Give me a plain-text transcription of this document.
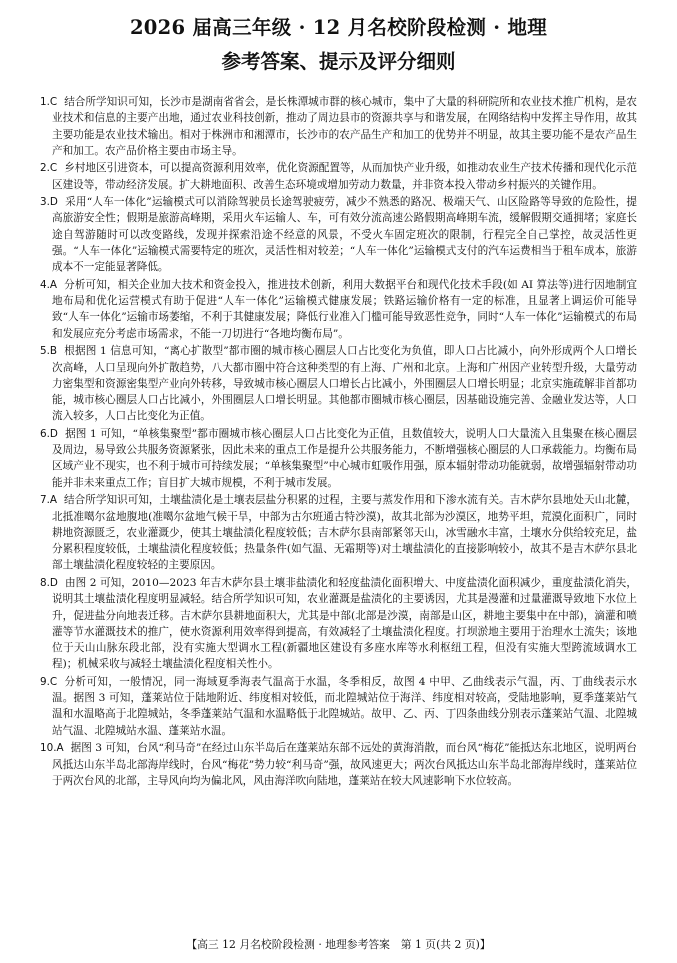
2026 届高三年级 · 12 月名校阶段检测 · 地理
参考答案、提示及评分细则
1.C 结合所学知识可知，长沙市是湖南省省会，是长株潭城市群的核心城市，集中了大量的科研院所和农业技术推广机构，是农业技术和信息的主要产出地，通过农业科技创新，推动了周边县市的资源共享与和谐发展，在网络结构中发挥主导作用，故其主要功能是农业技术输出。相对于株洲市和湘潭市，长沙市的农产品生产和加工的优势并不明显，故其主要功能不是农产品生产和加工。农产品价格主要由市场主导。
2.C 乡村地区引进资本，可以提高资源利用效率，优化资源配置等，从而加快产业升级，如推动农业生产技术传播和现代化示范区建设等，带动经济发展。扩大耕地面积、改善生态环境或增加劳动力数量，并非资本投入带动乡村振兴的关键作用。
3.D 采用“人车一体化”运输模式可以消除驾驶员长途驾驶疲劳，减少不熟悉的路况、极端天气、山区险路等导致的危险性，提高旅游安全性；假期是旅游高峰期，采用火车运输人、车，可有效分流高速公路假期高峰期车流，缓解假期交通拥堵；家庭长途自驾游随时可以改变路线，发现并探索沿途不经意的风景，不受火车固定班次的限制，行程完全自己掌控，故灵活性更强。“人车一体化”运输模式需要特定的班次，灵活性相对较差；“人车一体化”运输模式支付的汽车运费相当于租车成本，旅游成本不一定能显著降低。
4.A 分析可知，相关企业加大技术和资金投入，推进技术创新，利用大数据平台和现代化技术手段(如 AI 算法等)进行因地制宜地布局和优化运营模式有助于促进“人车一体化”运输模式健康发展；铁路运输价格有一定的标准，且显著上调运价可能导致“人车一体化”运输市场萎缩，不利于其健康发展；降低行业准入门槛可能导致恶性竞争，同时“人车一体化”运输模式的布局和发展应充分考虑市场需求，不能一刀切进行“各地均衡布局”。
5.B 根据图 1 信息可知，“离心扩散型”都市圈的城市核心圈层人口占比变化为负值，即人口占比减小，向外形成两个人口增长次高峰，人口呈现向外扩散趋势，八大都市圈中符合这种类型的有上海、广州和北京。上海和广州因产业转型升级，大量劳动力密集型和资源密集型产业向外转移，导致城市核心圈层人口增长占比减小，外围圈层人口增长明显；北京实施疏解非首都功能，城市核心圈层人口占比减小，外围圈层人口增长明显。其他都市圈城市核心圈层，因基础设施完善、金融业发达等，人口流入较多，人口占比变化为正值。
6.D 据图 1 可知，“单核集聚型”都市圈城市核心圈层人口占比变化为正值，且数值较大，说明人口大量流入且集聚在核心圈层及周边，易导致公共服务资源紧张，因此未来的重点工作是提升公共服务能力，不断增强核心圈层的人口承载能力。均衡布局区域产业不现实，也不利于城市可持续发展；“单核集聚型”中心城市虹吸作用强，原本辐射带动功能就弱，故增强辐射带动功能并非未来重点工作；盲目扩大城市规模，不利于城市发展。
7.A 结合所学知识可知，土壤盐渍化是土壤表层盐分积累的过程，主要与蒸发作用和下渗水流有关。吉木萨尔县地处天山北麓，北抵准噶尔盆地腹地(准噶尔盆地气候干旱，中部为古尔班通古特沙漠)，故其北部为沙漠区，地势平坦，荒漠化面积广，同时耕地资源匮乏，农业灌溉少，使其土壤盐渍化程度较低；吉木萨尔县南部紧邻天山，冰雪融水丰富，土壤水分供给较充足，盐分累积程度较低，土壤盐渍化程度较低；热量条件(如气温、无霜期等)对土壤盐渍化的直接影响较小，故其不是吉木萨尔县北部土壤盐渍化程度较轻的主要原因。
8.D 由图 2 可知，2010—2023 年吉木萨尔县土壤非盐渍化和轻度盐渍化面积增大、中度盐渍化面积减少，重度盐渍化消失，说明其土壤盐渍化程度明显减轻。结合所学知识可知，农业灌溉是盐渍化的主要诱因，尤其是漫灌和过量灌溉导致地下水位上升，促进盐分向地表迁移。吉木萨尔县耕地面积大，尤其是中部(北部是沙漠，南部是山区，耕地主要集中在中部)，滴灌和喷灌等节水灌溉技术的推广，使水资源利用效率得到提高，有效减轻了土壤盐渍化程度。打坝淤地主要用于治理水土流失；该地位于天山山脉东段北部，没有实施大型调水工程(新疆地区建设有多座水库等水利枢纽工程，但没有实施大型跨流域调水工程)；机械采收与减轻土壤盐渍化程度相关性小。
9.C 分析可知，一般情况，同一海域夏季海表气温高于水温，冬季相反，故图 4 中甲、乙曲线表示气温，丙、丁曲线表示水温。据图 3 可知，蓬莱站位于陆地附近、纬度相对较低，而北隍城站位于海洋、纬度相对较高，受陆地影响，夏季蓬莱站气温和水温略高于北隍城站，冬季蓬莱站气温和水温略低于北隍城站。故甲、乙、丙、丁四条曲线分别表示蓬莱站气温、北隍城站气温、北隍城站水温、蓬莱站水温。
10.A 据图 3 可知，台风“利马奇”在经过山东半岛后在蓬莱站东部不远处的黄海消散，而台风“梅花”能抵达东北地区，说明两台风抵达山东半岛北部海岸线时，台风“梅花”势力较“利马奇”强，故风速更大；两次台风抵达山东半岛北部海岸线时，蓬莱站位于两次台风的北部，主导风向均为偏北风，风由海洋吹向陆地，蓬莱站在较大风速影响下水位较高。
【高三 12 月名校阶段检测 · 地理参考答案　第 1 页(共 2 页)】
